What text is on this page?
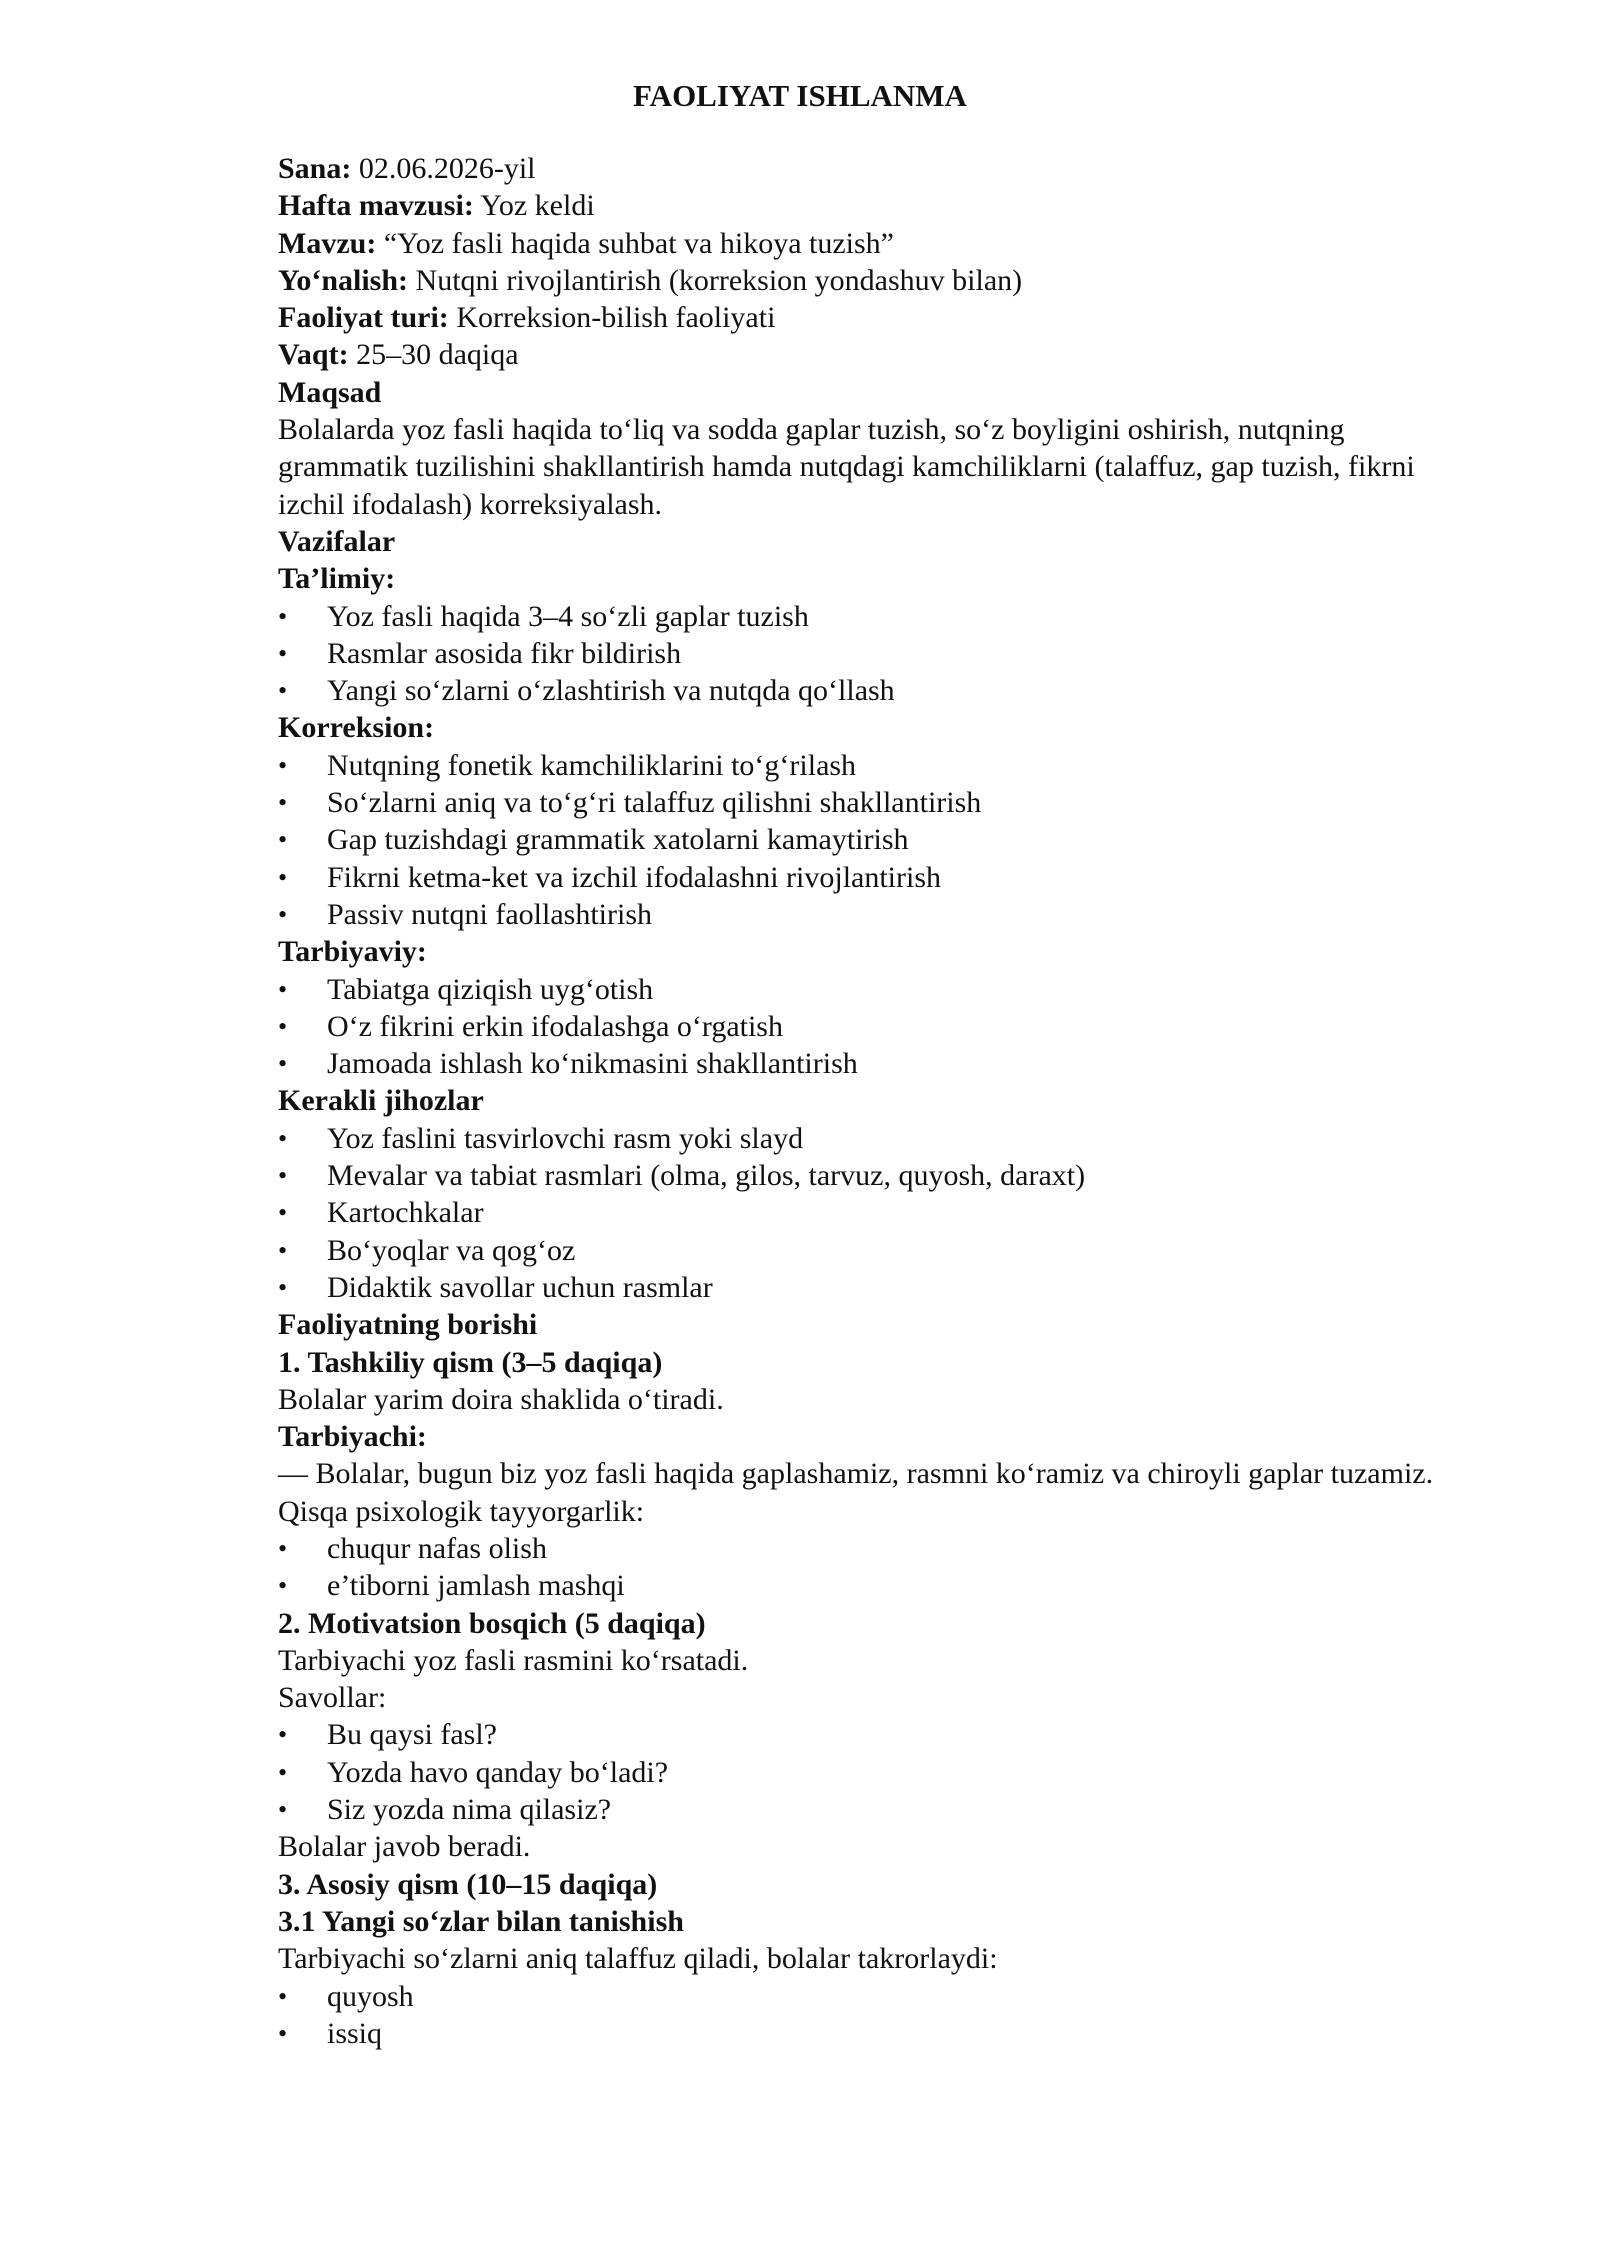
FAOLIYAT ISHLANMA

Sana: 02.06.2026-yil

Hafta mavzusi: Yoz keldi

Mavzu: “Yoz fasli haqida suhbat va hikoya tuzish”

Yoʻnalish: Nutqni rivojlantirish (korreksion yondashuv bilan)

Faoliyat turi: Korreksion-bilish faoliyati

Vaqt: 25–30 daqiqa

Maqsad

Bolalarda yoz fasli haqida toʻliq va sodda gaplar tuzish, soʻz boyligini oshirish, nutqning grammatik tuzilishini shakllantirish hamda nutqdagi kamchiliklarni (talaffuz, gap tuzish, fikrni izchil ifodalash) korreksiyalash.

Vazifalar

Ta’limiy:

•	Yoz fasli haqida 3–4 soʻzli gaplar tuzish
•	Rasmlar asosida fikr bildirish
•	Yangi soʻzlarni oʻzlashtirish va nutqda qoʻllash

Korreksion:

•	Nutqning fonetik kamchiliklarini toʻgʻrilash
•	Soʻzlarni aniq va toʻgʻri talaffuz qilishni shakllantirish
•	Gap tuzishdagi grammatik xatolarni kamaytirish
•	Fikrni ketma-ket va izchil ifodalashni rivojlantirish
•	Passiv nutqni faollashtirish

Tarbiyaviy:

•	Tabiatga qiziqish uygʻotish
•	Oʻz fikrini erkin ifodalashga oʻrgatish
•	Jamoada ishlash koʻnikmasini shakllantirish

Kerakli jihozlar

•	Yoz faslini tasvirlovchi rasm yoki slayd
•	Mevalar va tabiat rasmlari (olma, gilos, tarvuz, quyosh, daraxt)
•	Kartochkalar
•	Boʻyoqlar va qogʻoz
•	Didaktik savollar uchun rasmlar

Faoliyatning borishi

1. Tashkiliy qism (3–5 daqiqa)

Bolalar yarim doira shaklida oʻtiradi.

Tarbiyachi:

— Bolalar, bugun biz yoz fasli haqida gaplashamiz, rasmni koʻramiz va chiroyli gaplar tuzamiz.

Qisqa psixologik tayyorgarlik:

•	chuqur nafas olish
•	e’tiborni jamlash mashqi

2. Motivatsion bosqich (5 daqiqa)

Tarbiyachi yoz fasli rasmini koʻrsatadi.

Savollar:

•	Bu qaysi fasl?
•	Yozda havo qanday boʻladi?
•	Siz yozda nima qilasiz?

Bolalar javob beradi.

3. Asosiy qism (10–15 daqiqa)

3.1 Yangi soʻzlar bilan tanishish

Tarbiyachi soʻzlarni aniq talaffuz qiladi, bolalar takrorlaydi:

•	quyosh
•	issiq
